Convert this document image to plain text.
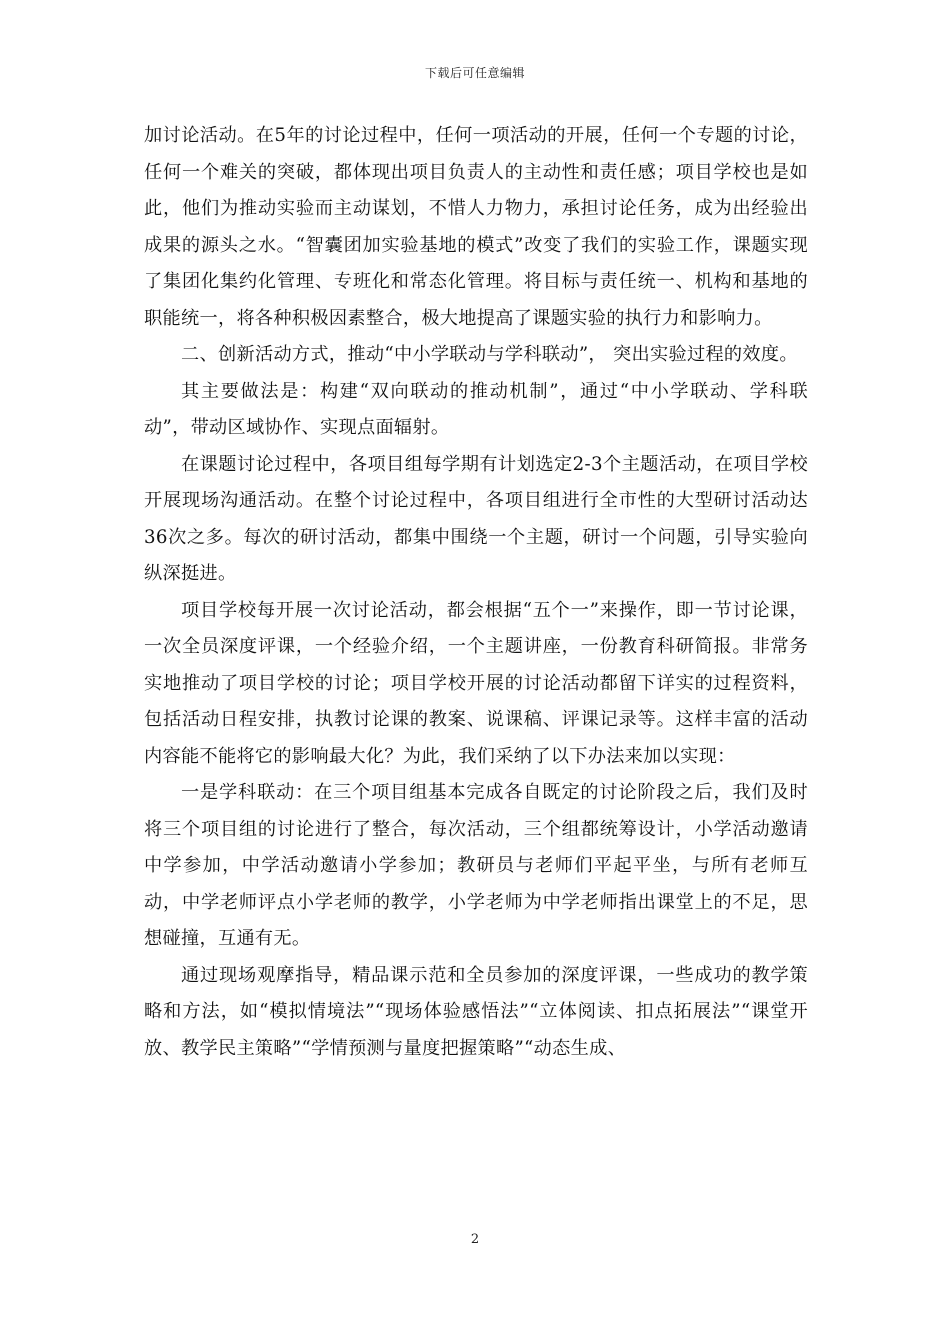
下载后可任意编辑

加讨论活动。在5年的讨论过程中，任何一项活动的开展，任何一个专题的讨论，任何一个难关的突破，都体现出项目负责人的主动性和责任感；项目学校也是如此，他们为推动实验而主动谋划，不惜人力物力，承担讨论任务，成为出经验出成果的源头之水。“智囊团加实验基地的模式”改变了我们的实验工作，课题实现了集团化集约化管理、专班化和常态化管理。将目标与责任统一、机构和基地的职能统一，将各种积极因素整合，极大地提高了课题实验的执行力和影响力。

二、创新活动方式，推动“中小学联动与学科联动”， 突出实验过程的效度。

其主要做法是：构建“双向联动的推动机制”，通过“中小学联动、学科联动”，带动区域协作、实现点面辐射。

在课题讨论过程中，各项目组每学期有计划选定2-3个主题活动，在项目学校开展现场沟通活动。在整个讨论过程中，各项目组进行全市性的大型研讨活动达36次之多。每次的研讨活动，都集中围绕一个主题，研讨一个问题，引导实验向纵深挺进。

项目学校每开展一次讨论活动，都会根据“五个一”来操作，即一节讨论课，一次全员深度评课，一个经验介绍，一个主题讲座，一份教育科研简报。非常务实地推动了项目学校的讨论；项目学校开展的讨论活动都留下详实的过程资料，包括活动日程安排，执教讨论课的教案、说课稿、评课记录等。这样丰富的活动内容能不能将它的影响最大化？为此，我们采纳了以下办法来加以实现：

一是学科联动：在三个项目组基本完成各自既定的讨论阶段之后，我们及时将三个项目组的讨论进行了整合，每次活动，三个组都统筹设计，小学活动邀请中学参加，中学活动邀请小学参加；教研员与老师们平起平坐，与所有老师互动，中学老师评点小学老师的教学，小学老师为中学老师指出课堂上的不足，思想碰撞，互通有无。

通过现场观摩指导，精品课示范和全员参加的深度评课，一些成功的教学策略和方法，如“模拟情境法”“现场体验感悟法”“立体阅读、扣点拓展法”“课堂开放、教学民主策略”“学情预测与量度把握策略”“动态生成、

2
